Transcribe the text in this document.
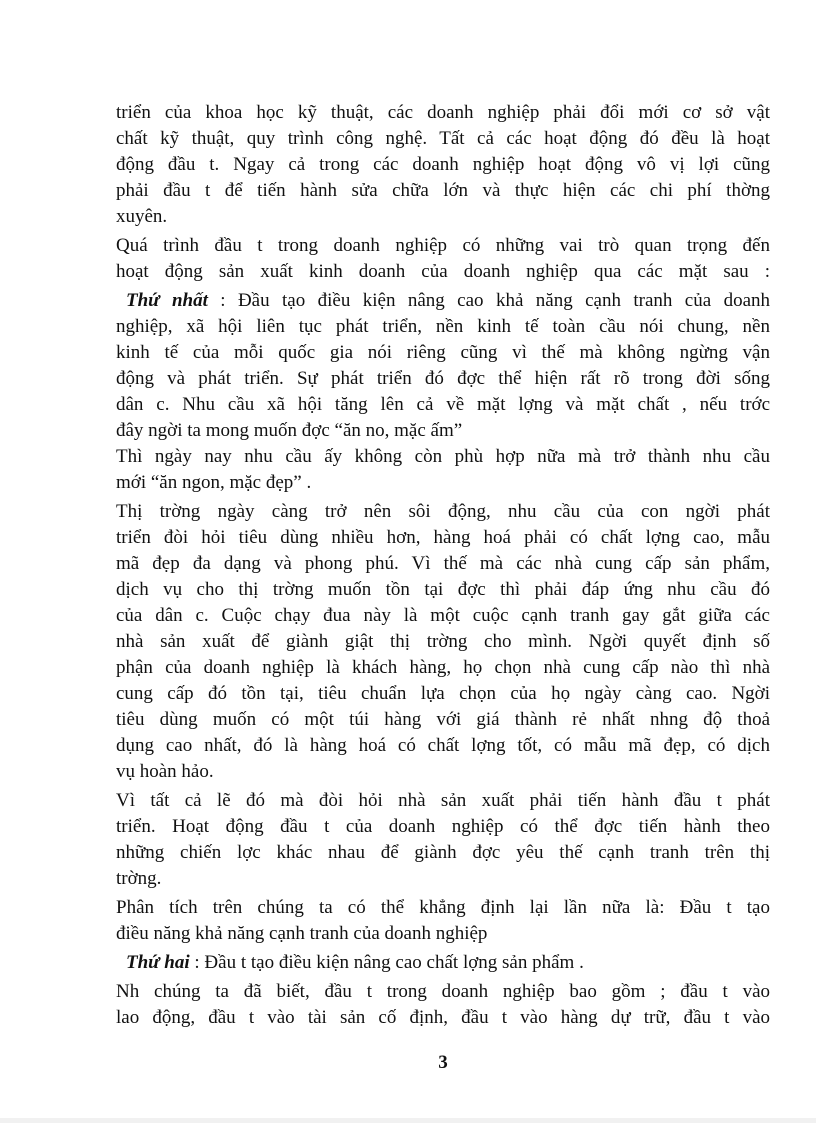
triển của khoa học kỹ thuật, các doanh nghiệp phải đổi mới cơ sở vật
chất kỹ thuật, quy trình công nghệ. Tất cả các hoạt động đó đều là hoạt
động đầu t. Ngay cả trong các doanh nghiệp hoạt động vô vị lợi cũng
phải đầu t để tiến hành sửa chữa lớn và thực hiện các chi phí thờng
xuyên.
Quá trình đầu t trong doanh nghiệp có những vai trò quan trọng đến
hoạt động sản xuất kinh doanh của doanh nghiệp qua các mặt sau :
Thứ nhất : Đầu tạo điều kiện nâng cao khả năng cạnh tranh của doanh
nghiệp, xã hội liên tục phát triển, nền kinh tế toàn cầu nói chung, nền
kinh tế của mỗi quốc gia nói riêng cũng vì thế mà không ngừng vận
động và phát triển. Sự phát triển đó đợc thể hiện rất rõ trong đời sống
dân c. Nhu cầu xã hội tăng lên cả về mặt lợng và mặt chất , nếu trớc
đây ngời ta mong muốn đợc “ăn no, mặc ấm”
Thì ngày nay nhu cầu ấy không còn phù hợp nữa mà trở thành nhu cầu
mới “ăn ngon, mặc đẹp” .
Thị trờng ngày càng trở nên sôi động, nhu cầu của con ngời phát
triển đòi hỏi tiêu dùng nhiều hơn, hàng hoá phải có chất lợng cao, mẫu
mã đẹp đa dạng và phong phú. Vì thế mà các nhà cung cấp sản phẩm,
dịch vụ cho thị trờng muốn tồn tại đợc thì phải đáp ứng nhu cầu đó
của dân c. Cuộc chạy đua này là một cuộc cạnh tranh gay gắt giữa các
nhà sản xuất để giành giật thị trờng cho mình. Ngời quyết định số
phận của doanh nghiệp là khách hàng, họ chọn nhà cung cấp nào thì nhà
cung cấp đó tồn tại, tiêu chuẩn lựa chọn của họ ngày càng cao. Ngời
tiêu dùng muốn có một túi hàng với giá thành rẻ nhất nhng độ thoả
dụng cao nhất, đó là hàng hoá có chất lợng tốt, có mẫu mã đẹp, có dịch
vụ hoàn hảo.
Vì tất cả lẽ đó mà đòi hỏi nhà sản xuất phải tiến hành đầu t phát
triển. Hoạt động đầu t của doanh nghiệp có thể đợc tiến hành theo
những chiến lợc khác nhau để giành đợc yêu thế cạnh tranh trên thị
trờng.
Phân tích trên chúng ta có thể khẳng định lại lần nữa là: Đầu t tạo
điều năng khả năng cạnh tranh của doanh nghiệp
Thứ hai : Đầu t tạo điều kiện nâng cao chất lợng sản phẩm .
Nh chúng ta đã biết, đầu t trong doanh nghiệp bao gồm ; đầu t vào
lao động, đầu t vào tài sản cố định, đầu t vào hàng dự trữ, đầu t vào
3
